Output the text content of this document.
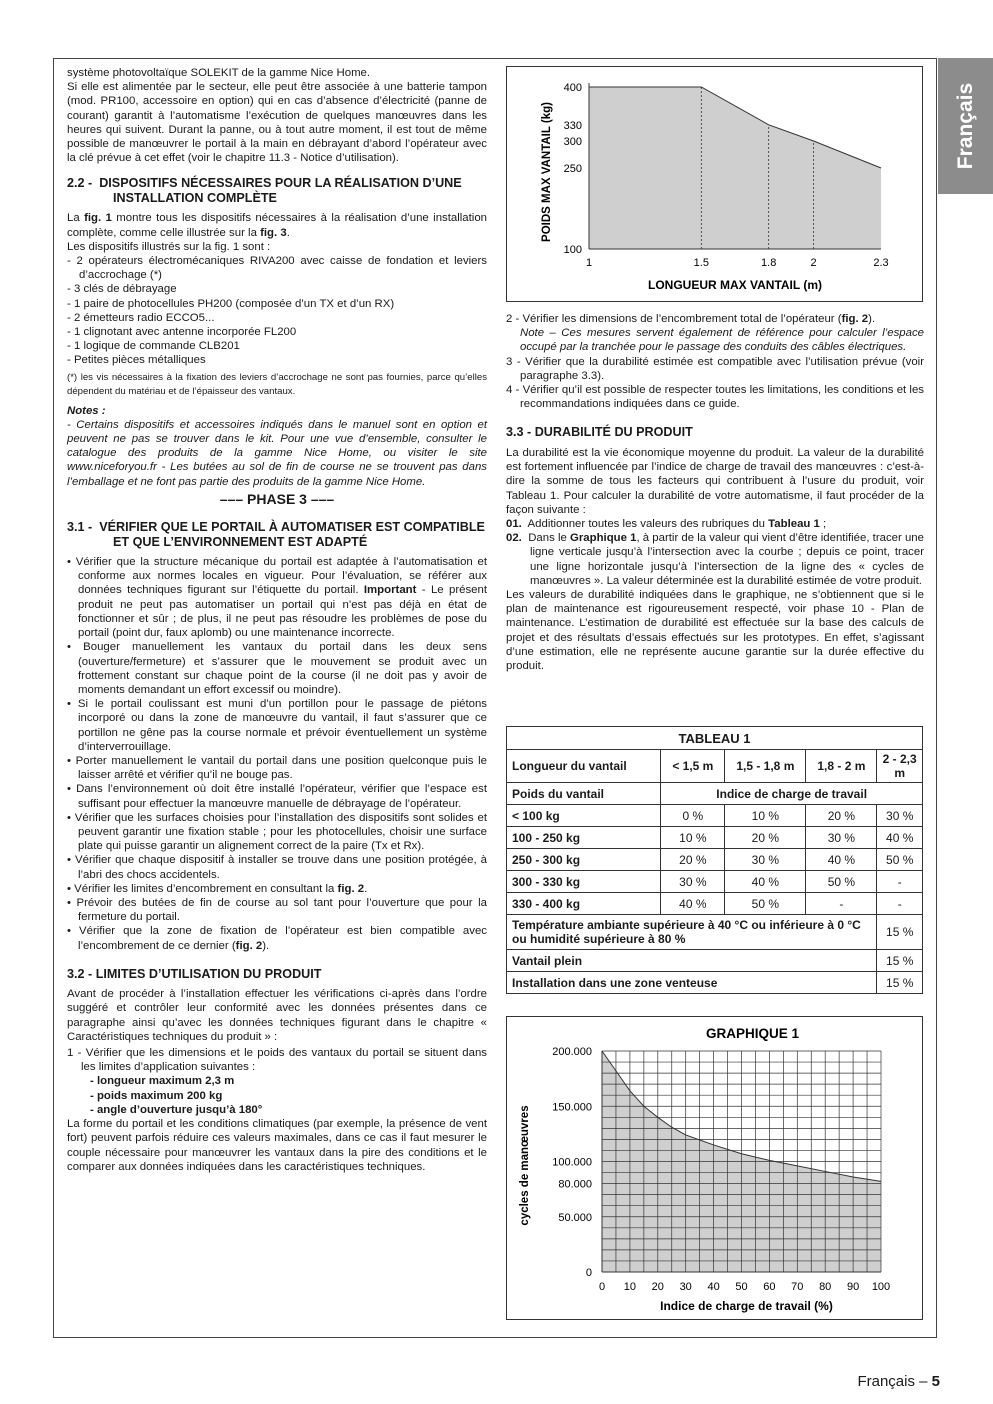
Français

système photovoltaïque SOLEKIT de la gamme Nice Home.

Si elle est alimentée par le secteur, elle peut être associée à une batterie tampon (mod. PR100, accessoire en option) qui en cas d’absence d’électricité (panne de courant) garantit à l’automatisme l’exécution de quelques manœuvres dans les heures qui suivent. Durant la panne, ou à tout autre moment, il est tout de même possible de manœuvrer le portail à la main en débrayant d’abord l’opérateur avec la clé prévue à cet effet (voir le chapitre 11.3 - Notice d’utilisation).

2.2 - DISPOSITIFS NÉCESSAIRES POUR LA RÉALISATION D’UNE INSTALLATION COMPLÈTE

La fig. 1 montre tous les dispositifs nécessaires à la réalisation d’une installation complète, comme celle illustrée sur la fig. 3.

Les dispositifs illustrés sur la fig. 1 sont :

- 2 opérateurs électromécaniques RIVA200 avec caisse de fondation et leviers d’accrochage (*)
- 3 clés de débrayage
- 1 paire de photocellules PH200 (composée d’un TX et d’un RX)
- 2 émetteurs radio ECCO5...
- 1 clignotant avec antenne incorporée FL200
- 1 logique de commande CLB201
- Petites pièces métalliques

(*) les vis nécessaires à la fixation des leviers d’accrochage ne sont pas fournies, parce qu’elles dépendent du matériau et de l’épaisseur des vantaux.

Notes :

- Certains dispositifs et accessoires indiqués dans le manuel sont en option et peuvent ne pas se trouver dans le kit. Pour une vue d’ensemble, consulter le catalogue des produits de la gamme Nice Home, ou visiter le site www.niceforyou.fr - Les butées au sol de fin de course ne se trouvent pas dans l’emballage et ne font pas partie des produits de la gamme Nice Home.

––– PHASE 3 –––
3.1 - VÉRIFIER QUE LE PORTAIL À AUTOMATISER EST COMPATIBLE ET QUE L’ENVIRONNEMENT EST ADAPTÉ
• Vérifier que la structure mécanique du portail est adaptée à l’automatisation et conforme aux normes locales en vigueur. Pour l’évaluation, se référer aux données techniques figurant sur l’étiquette du portail. Important - Le présent produit ne peut pas automatiser un portail qui n’est pas déjà en état de fonctionner et sûr ; de plus, il ne peut pas résoudre les problèmes de pose du portail (point dur, faux aplomb) ou une maintenance incorrecte.
• Bouger manuellement les vantaux du portail dans les deux sens (ouverture/fermeture) et s’assurer que le mouvement se produit avec un frottement constant sur chaque point de la course (il ne doit pas y avoir de moments demandant un effort excessif ou moindre).
• Si le portail coulissant est muni d’un portillon pour le passage de piétons incorporé ou dans la zone de manœuvre du vantail, il faut s’assurer que ce portillon ne gêne pas la course normale et prévoir éventuellement un système d’interverrouillage.
• Porter manuellement le vantail du portail dans une position quelconque puis le laisser arrêté et vérifier qu’il ne bouge pas.
• Dans l’environnement où doit être installé l’opérateur, vérifier que l’espace est suffisant pour effectuer la manœuvre manuelle de débrayage de l’opérateur.
• Vérifier que les surfaces choisies pour l’installation des dispositifs sont solides et peuvent garantir une fixation stable ; pour les photocellules, choisir une surface plate qui puisse garantir un alignement correct de la paire (Tx et Rx).
• Vérifier que chaque dispositif à installer se trouve dans une position protégée, à l’abri des chocs accidentels.
• Vérifier les limites d’encombrement en consultant la fig. 2.
• Prévoir des butées de fin de course au sol tant pour l’ouverture que pour la fermeture du portail.
• Vérifier que la zone de fixation de l’opérateur est bien compatible avec l’encombrement de ce dernier (fig. 2).
3.2 - LIMITES D’UTILISATION DU PRODUIT

Avant de procéder à l’installation effectuer les vérifications ci-après dans l’ordre suggéré et contrôler leur conformité avec les données présentes dans ce paragraphe ainsi qu’avec les données techniques figurant dans le chapitre « Caractéristiques techniques du produit » :

1 - Vérifier que les dimensions et le poids des vantaux du portail se situent dans les limites d’application suivantes :
- longueur maximum 2,3 m
- poids maximum 200 kg
- angle d’ouverture jusqu’à 180°

La forme du portail et les conditions climatiques (par exemple, la présence de vent fort) peuvent parfois réduire ces valeurs maximales, dans ce cas il faut mesurer le couple nécessaire pour manœuvrer les vantaux dans la pire des conditions et le comparer aux données indiquées dans les caractéristiques techniques.

100
250
300
330
400
1	1.5	1.8	2	2.3
LONGUEUR MAX VANTAIL (m)
POIDS MAX VANTAIL (kg)
2 - Vérifier les dimensions de l’encombrement total de l’opérateur (fig. 2).
Note – Ces mesures servent également de référence pour calculer l’espace occupé par la tranchée pour le passage des conduits des câbles électriques.
3 - Vérifier que la durabilité estimée est compatible avec l’utilisation prévue (voir paragraphe 3.3).
4 - Vérifier qu’il est possible de respecter toutes les limitations, les conditions et les recommandations indiquées dans ce guide.
3.3 - DURABILITÉ DU PRODUIT

La durabilité est la vie économique moyenne du produit. La valeur de la durabilité est fortement influencée par l’indice de charge de travail des manœuvres : c’est-à-dire la somme de tous les facteurs qui contribuent à l’usure du produit, voir Tableau 1. Pour calculer la durabilité de votre automatisme, il faut procéder de la façon suivante :

01. Additionner toutes les valeurs des rubriques du Tableau 1 ;
02. Dans le Graphique 1, à partir de la valeur qui vient d’être identifiée, tracer une ligne verticale jusqu’à l’intersection avec la courbe ; depuis ce point, tracer une ligne horizontale jusqu’à l’intersection de la ligne des « cycles de manœuvres ». La valeur déterminée est la durabilité estimée de votre produit.

Les valeurs de durabilité indiquées dans le graphique, ne s’obtiennent que si le plan de maintenance est rigoureusement respecté, voir phase 10 - Plan de maintenance. L’estimation de durabilité est effectuée sur la base des calculs de projet et des résultats d’essais effectués sur les prototypes. En effet, s’agissant d’une estimation, elle ne représente aucune garantie sur la durée effective du produit.

TABLEAU 1				
Longueur du vantail	< 1,5 m	1,5 - 1,8 m	1,8 - 2 m	2 - 2,3 m
Poids du vantail	Indice de charge de travail			
< 100 kg	0 %	10 %	20 %	30 %
100 - 250 kg	10 %	20 %	30 %	40 %
250 - 300 kg	20 %	30 %	40 %	50 %
300 - 330 kg	30 %	40 %	50 %	-
330 - 400 kg	40 %	50 %	-	-
Température ambiante supérieure à 40 °C ou inférieure à 0 °C ou humidité supérieure à 80 %				15 %
Vantail plein				15 %
Installation dans une zone venteuse				15 %
GRAPHIQUE 1
0
50.000
80.000
100.000
150.000
200.000
0 10 20 30 40 50 60 70 80 90 100
Indice de charge de travail (%)
cycles de manœuvres
Français – 5
